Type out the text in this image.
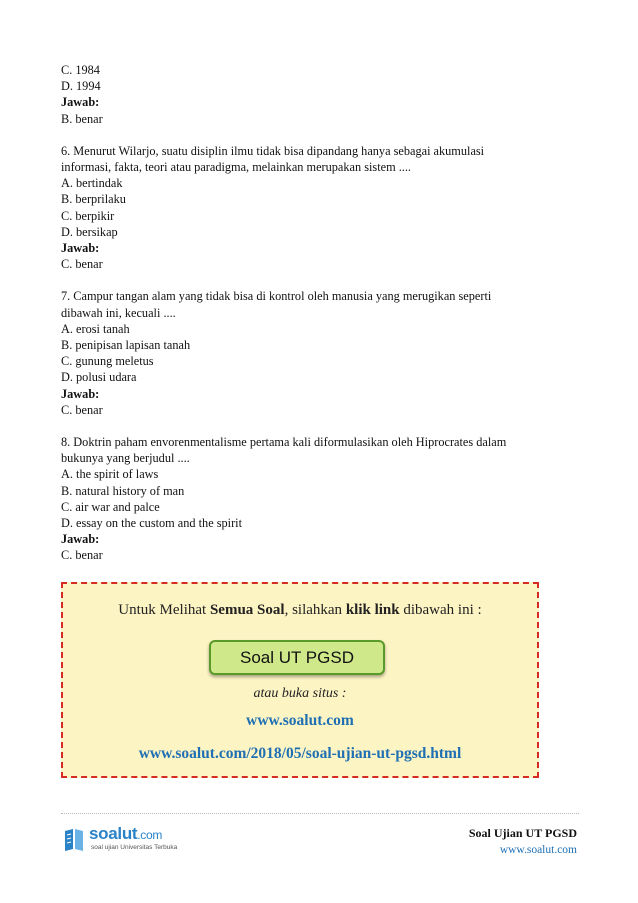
C. 1984
D. 1994
Jawab:
B. benar
6. Menurut Wilarjo, suatu disiplin ilmu tidak bisa dipandang hanya sebagai akumulasi
informasi, fakta, teori atau paradigma, melainkan merupakan sistem ....
A. bertindak
B. berprilaku
C. berpikir
D. bersikap
Jawab:
C. benar
7. Campur tangan alam yang tidak bisa di kontrol oleh manusia yang merugikan seperti
dibawah ini, kecuali ....
A. erosi tanah
B. penipisan lapisan tanah
C. gunung meletus
D. polusi udara
Jawab:
C. benar
8. Doktrin paham envorenmentalisme pertama kali diformulasikan oleh Hiprocrates dalam
bukunya yang berjudul ....
A. the spirit of laws
B. natural history of man
C. air war and palce
D. essay on the custom and the spirit
Jawab:
C. benar
Untuk Melihat Semua Soal, silahkan klik link dibawah ini :
Soal UT PGSD
atau buka situs :
www.soalut.com
www.soalut.com/2018/05/soal-ujian-ut-pgsd.html
soalut.com
soal ujian Universitas Terbuka
Soal Ujian UT PGSD
www.soalut.com
